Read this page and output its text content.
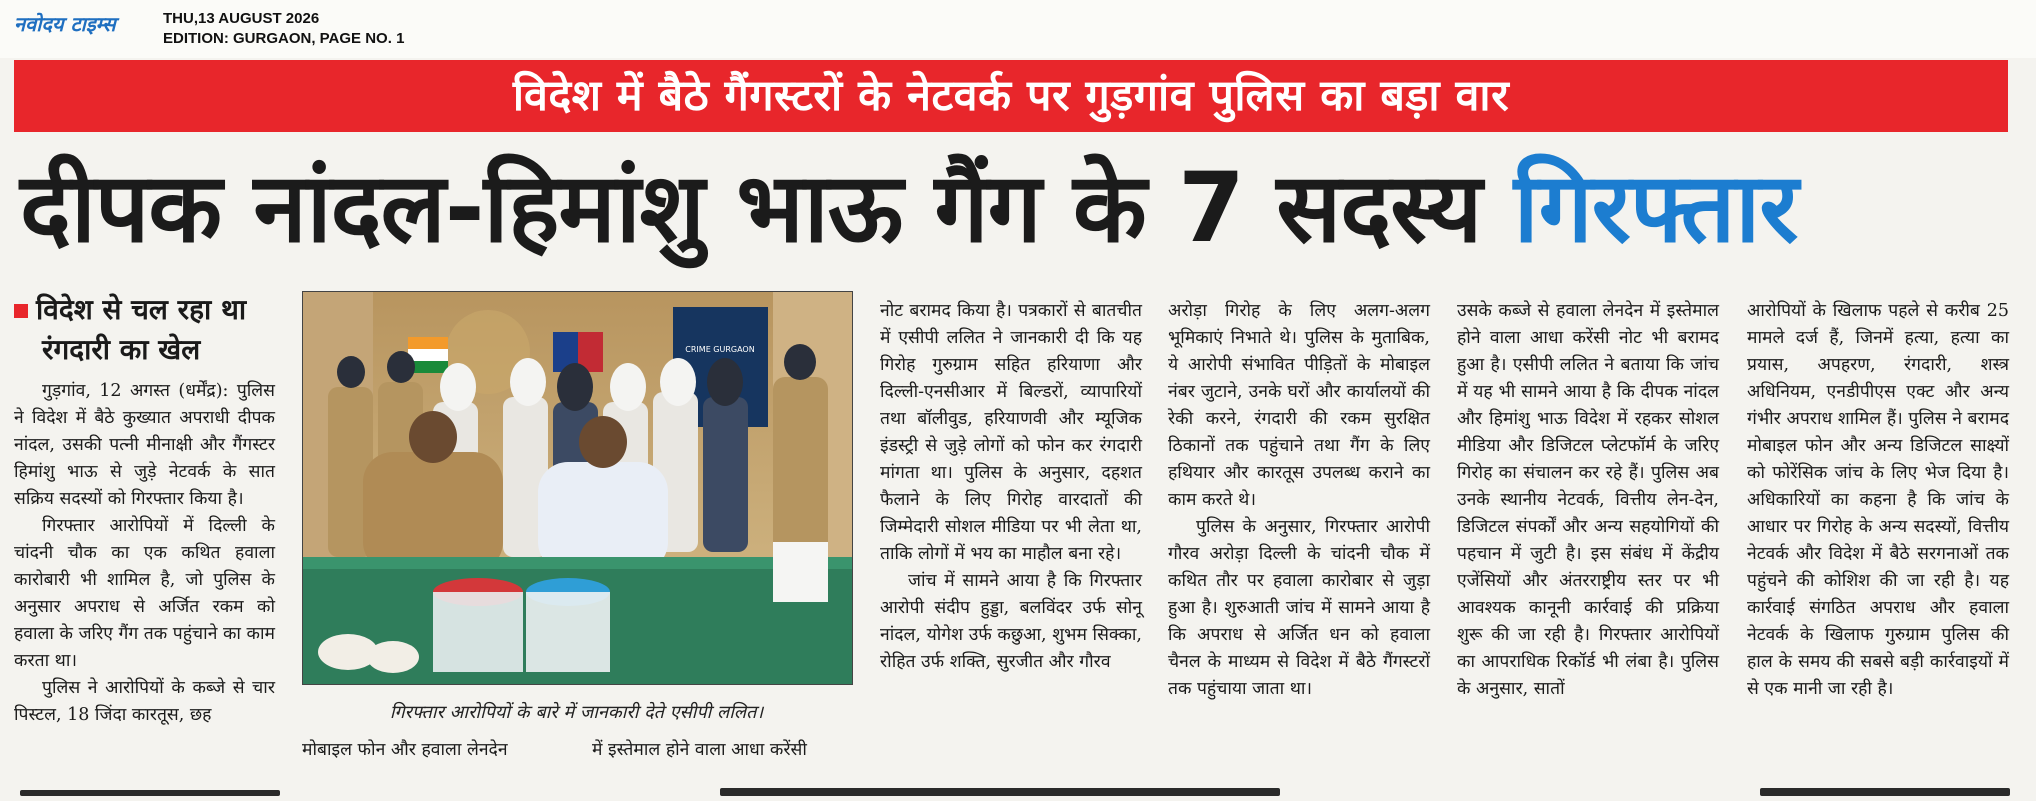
नवोदय टाइम्स	THU,13 AUGUST 2026
EDITION: GURGAON, PAGE NO. 1
विदेश में बैठे गैंगस्टरों के नेटवर्क पर गुड़गांव पुलिस का बड़ा वार
दीपक नांदल-हिमांशु भाऊ गैंग के 7 सदस्य गिरफ्तार
विदेश से चल रहा था
रंगदारी का खेल

गुड़गांव, 12 अगस्त (धर्मेंद्र): पुलिस ने विदेश में बैठे कुख्यात अपराधी दीपक नांदल, उसकी पत्नी मीनाक्षी और गैंगस्टर हिमांशु भाऊ से जुड़े नेटवर्क के सात सक्रिय सदस्यों को गिरफ्तार किया है।

गिरफ्तार आरोपियों में दिल्ली के चांदनी चौक का एक कथित हवाला कारोबारी भी शामिल है, जो पुलिस के अनुसार अपराध से अर्जित रकम को हवाला के जरिए गैंग तक पहुंचाने का काम करता था।

पुलिस ने आरोपियों के कब्जे से चार पिस्टल, 18 जिंदा कारतूस, छह

CRIME GURGAON
गिरफ्तार आरोपियों के बारे में जानकारी देते एसीपी ललित।
मोबाइल फोन और हवाला लेनदेन	में इस्तेमाल होने वाला आधा करेंसी

नोट बरामद किया है। पत्रकारों से बातचीत में एसीपी ललित ने जानकारी दी कि यह गिरोह गुरुग्राम सहित हरियाणा और दिल्ली-एनसीआर में बिल्डरों, व्यापारियों तथा बॉलीवुड, हरियाणवी और म्यूजिक इंडस्ट्री से जुड़े लोगों को फोन कर रंगदारी मांगता था। पुलिस के अनुसार, दहशत फैलाने के लिए गिरोह वारदातों की जिम्मेदारी सोशल मीडिया पर भी लेता था, ताकि लोगों में भय का माहौल बना रहे।

जांच में सामने आया है कि गिरफ्तार आरोपी संदीप हुड्डा, बलविंदर उर्फ सोनू नांदल, योगेश उर्फ कछुआ, शुभम सिक्का, रोहित उर्फ शक्ति, सुरजीत और गौरव

अरोड़ा गिरोह के लिए अलग-अलग भूमिकाएं निभाते थे। पुलिस के मुताबिक, ये आरोपी संभावित पीड़ितों के मोबाइल नंबर जुटाने, उनके घरों और कार्यालयों की रेकी करने, रंगदारी की रकम सुरक्षित ठिकानों तक पहुंचाने तथा गैंग के लिए हथियार और कारतूस उपलब्ध कराने का काम करते थे।

पुलिस के अनुसार, गिरफ्तार आरोपी गौरव अरोड़ा दिल्ली के चांदनी चौक में कथित तौर पर हवाला कारोबार से जुड़ा हुआ है। शुरुआती जांच में सामने आया है कि अपराध से अर्जित धन को हवाला चैनल के माध्यम से विदेश में बैठे गैंगस्टरों तक पहुंचाया जाता था।

उसके कब्जे से हवाला लेनदेन में इस्तेमाल होने वाला आधा करेंसी नोट भी बरामद हुआ है। एसीपी ललित ने बताया कि जांच में यह भी सामने आया है कि दीपक नांदल और हिमांशु भाऊ विदेश में रहकर सोशल मीडिया और डिजिटल प्लेटफॉर्म के जरिए गिरोह का संचालन कर रहे हैं। पुलिस अब उनके स्थानीय नेटवर्क, वित्तीय लेन-देन, डिजिटल संपर्कों और अन्य सहयोगियों की पहचान में जुटी है। इस संबंध में केंद्रीय एजेंसियों और अंतरराष्ट्रीय स्तर पर भी आवश्यक कानूनी कार्रवाई की प्रक्रिया शुरू की जा रही है। गिरफ्तार आरोपियों का आपराधिक रिकॉर्ड भी लंबा है। पुलिस के अनुसार, सातों

आरोपियों के खिलाफ पहले से करीब 25 मामले दर्ज हैं, जिनमें हत्या, हत्या का प्रयास, अपहरण, रंगदारी, शस्त्र अधिनियम, एनडीपीएस एक्ट और अन्य गंभीर अपराध शामिल हैं। पुलिस ने बरामद मोबाइल फोन और अन्य डिजिटल साक्ष्यों को फोरेंसिक जांच के लिए भेज दिया है। अधिकारियों का कहना है कि जांच के आधार पर गिरोह के अन्य सदस्यों, वित्तीय नेटवर्क और विदेश में बैठे सरगनाओं तक पहुंचने की कोशिश की जा रही है। यह कार्रवाई संगठित अपराध और हवाला नेटवर्क के खिलाफ गुरुग्राम पुलिस की हाल के समय की सबसे बड़ी कार्रवाइयों में से एक मानी जा रही है।
